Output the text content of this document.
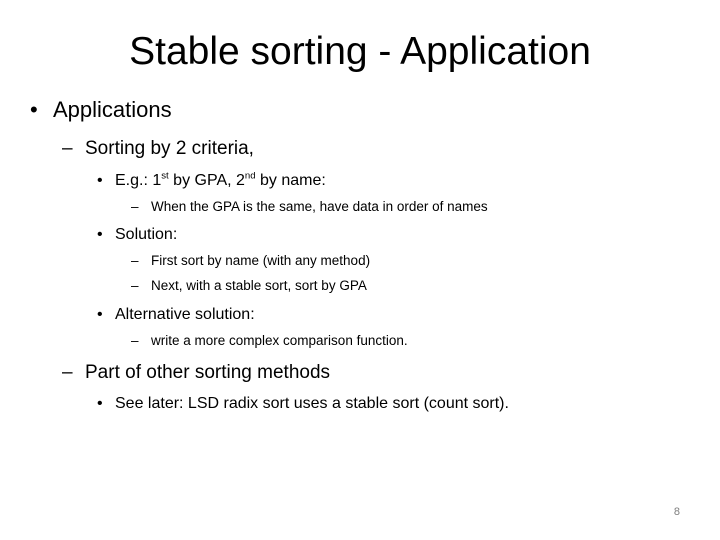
Stable sorting - Application
• Applications
– Sorting by 2 criteria,
• E.g.: 1st by GPA, 2nd by name:
– When the GPA is the same, have data in order of names
• Solution:
– First sort by name (with any method)
– Next, with a stable sort, sort by GPA
• Alternative solution:
– write a more complex comparison function.
– Part of other sorting methods
• See later: LSD radix sort uses a stable sort (count sort).
8
